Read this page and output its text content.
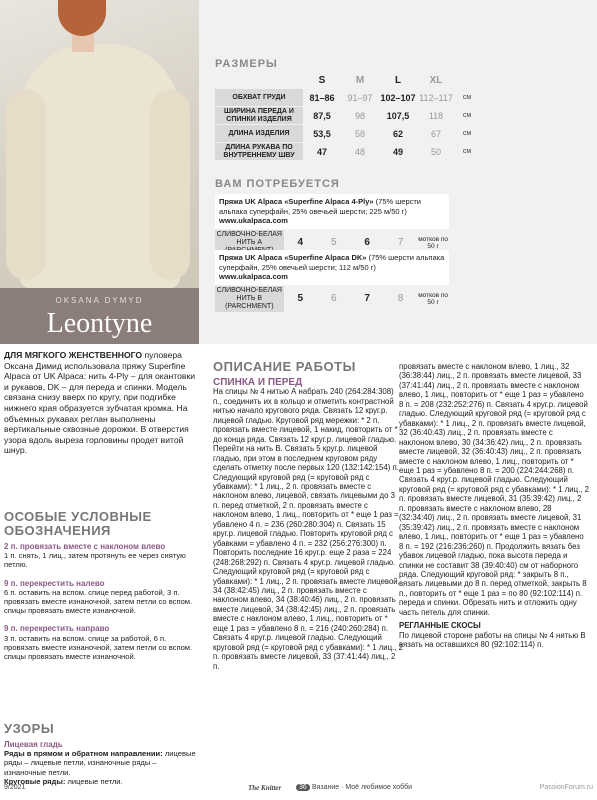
OKSANA DYMYD
Leontyne
РАЗМЕРЫ
	S	M	L	XL	
ОБХВАТ ГРУДИ	81–86	91–97	102–107	112–117	см
ШИРИНА ПЕРЕДА И СПИНКИ ИЗДЕЛИЯ	87,5	98	107,5	118	см
ДЛИНА ИЗДЕЛИЯ	53,5	58	62	67	см
ДЛИНА РУКАВА ПО ВНУТРЕННЕМУ ШВУ	47	48	49	50	см
ВАМ ПОТРЕБУЕТСЯ
Пряжа UK Alpaca «Superfine Alpaca 4-Ply» (75% шерсти альпака суперфайн, 25% овечьей шерсти; 225 м/50 г)
www.ukalpaca.com
СЛИВОЧНО-БЕЛАЯ НИТЬ А	4	5	6	7	мотков по 50 г
Пряжа UK Alpaca «Superfine Alpaca DK» (75% шерсти альпака суперфайн, 25% овечьей шерсти; 112 м/50 г)
www.ukalpaca.com
СЛИВОЧНО-БЕЛАЯ НИТЬ В (PARCHMENT)
5	6	7	8	мотков по 50 г
ДЛЯ МЯГКОГО ЖЕНСТВЕННОГО пуловера Оксана Димид использовала пряжу Superfine Alpaca от UK Alpaca: нить 4-Ply – для окантовки и рукавов, DK – для переда и спинки. Модель связана снизу вверх по кругу, при подгибке нижнего края образуется зубчатая кромка. На объемных рукавах реглан выполнены вертикальные сквозные дорожки. В отверстия узора вдоль выреза горловины продет витой шнур.
ОСОБЫЕ УСЛОВНЫЕ ОБОЗНАЧЕНИЯ
2 п. провязать вместе с наклоном влево
1 п. снять, 1 лиц., затем протянуть ее через снятую петлю.
9 п. перекрестить налево
6 п. оставить на вспом. спице перед работой, 3 п. провязать вместе изнаночной, затем петли со вспом. спицы провязать вместе изнаночной.
9 п. перекрестить направо
3 п. оставить на вспом. спице за работой, 6 п. провязать вместе изнаночной, затем петли со вспом. спицы провязать вместе изнаночной.
УЗОРЫ
Лицевая гладь
Ряды в прямом и обратном направлении: лицевые ряды – лицевые петли, изнаночные ряды – изнаночные петли.
Круговые ряды: лицевые петли.
ОПИСАНИЕ РАБОТЫ

СПИНКА И ПЕРЕД

На спицы № 4 нитью А набрать 240 (264:284:308) п., соединить их в кольцо и отметить контрастной нитью начало кругового ряда. Связать 12 круг.р. лицевой гладью. Круговой ряд мережки: * 2 п. провязать вместе лицевой, 1 накид, повторить от * до конца ряда. Связать 12 круг.р. лицевой гладью. Перейти на нить В. Связать 5 круг.р. лицевой гладью, при этом в последнем круговом ряду сделать отметку после первых 120 (132:142:154) п. Следующий круговой ряд (= круговой ряд с убавками): * 1 лиц., 2 п. провязать вместе с наклоном влево, лицевой, связать лицевыми до 3 п. перед отметкой, 2 п. провязать вместе с наклоном влево, 1 лиц., повторить от * еще 1 раз = убавлено 4 п. = 236 (260:280:304) п. Связать 15 круг.р. лицевой гладью. Повторить круговой ряд с убавками = убавлено 4 п. = 232 (256:276:300) п. Повторить последние 16 круг.р. еще 2 раза = 224 (248:268:292) п. Связать 4 круг.р. лицевой гладью. Следующий круговой ряд (= круговой ряд с убавками): * 1 лиц., 2 п. провязать вместе лицевой, 34 (38:42:45) лиц., 2 п. провязать вместе с наклоном влево, 34 (38:40:46) лиц., 2 п. провязать вместе лицевой, 34 (38:42:45) лиц., 2 п. провязать вместе с наклоном влево, 1 лиц., повторить от * еще 1 раз = убавлено 8 п. = 216 (240:260:284) п. Связать 4 круг.р. лицевой гладью. Следующий круговой ряд (= круговой ряд с убавками): * 1 лиц., 2 п. провязать вместе лицевой, 33 (37:41:44) лиц., 2 п.

провязать вместе с наклоном влево, 1 лиц., 32 (36:38:44) лиц., 2 п. провязать вместе лицевой, 33 (37:41:44) лиц., 2 п. провязать вместе с наклоном влево, 1 лиц., повторить от * еще 1 раз = убавлено 8 п. = 208 (232:252:276) п. Связать 4 круг.р. лицевой гладью. Следующий круговой ряд (= круговой ряд с убавками): * 1 лиц., 2 п. провязать вместе лицевой, 32 (36:40:43) лиц., 2 п. провязать вместе с наклоном влево, 30 (34:36:42) лиц., 2 п. провязать вместе лицевой, 32 (36:40:43) лиц., 2 п. провязать вместе с наклоном влево, 1 лиц., повторить от * еще 1 раз = убавлено 8 п. = 200 (224:244:268) п. Связать 4 круг.р. лицевой гладью. Следующий круговой ряд (= круговой ряд с убавками): * 1 лиц., 2 п. провязать вместе лицевой, 31 (35:39:42) лиц., 2 п. провязать вместе с наклоном влево, 28 (32:34:40) лиц., 2 п. провязать вместе лицевой, 31 (35:39:42) лиц., 2 п. провязать вместе с наклоном влево, 1 лиц., повторить от * еще 1 раз = убавлено 8 п. = 192 (216:236:260) п. Продолжить вязать без убавок лицевой гладью, пока высота переда и спинки не составит 38 (39:40:40) см от наборного ряда. Следующий круговой ряд: * закрыть 8 п., вязать лицевыми до 8 п. перед отметкой, закрыть 8 п., повторить от * еще 1 раз = по 80 (92:102:114) п. переда и спинки. Обрезать нить и отложить одну часть петель для спинки.

РЕГЛАННЫЕ СКОСЫ

По лицевой стороне работы на спицы № 4 нитью В вязать на оставшихся 80 (92:102:114) п.

9/2021	The Knitter	36 Вязание · Моё любимое хобби	PassionForum.ru
